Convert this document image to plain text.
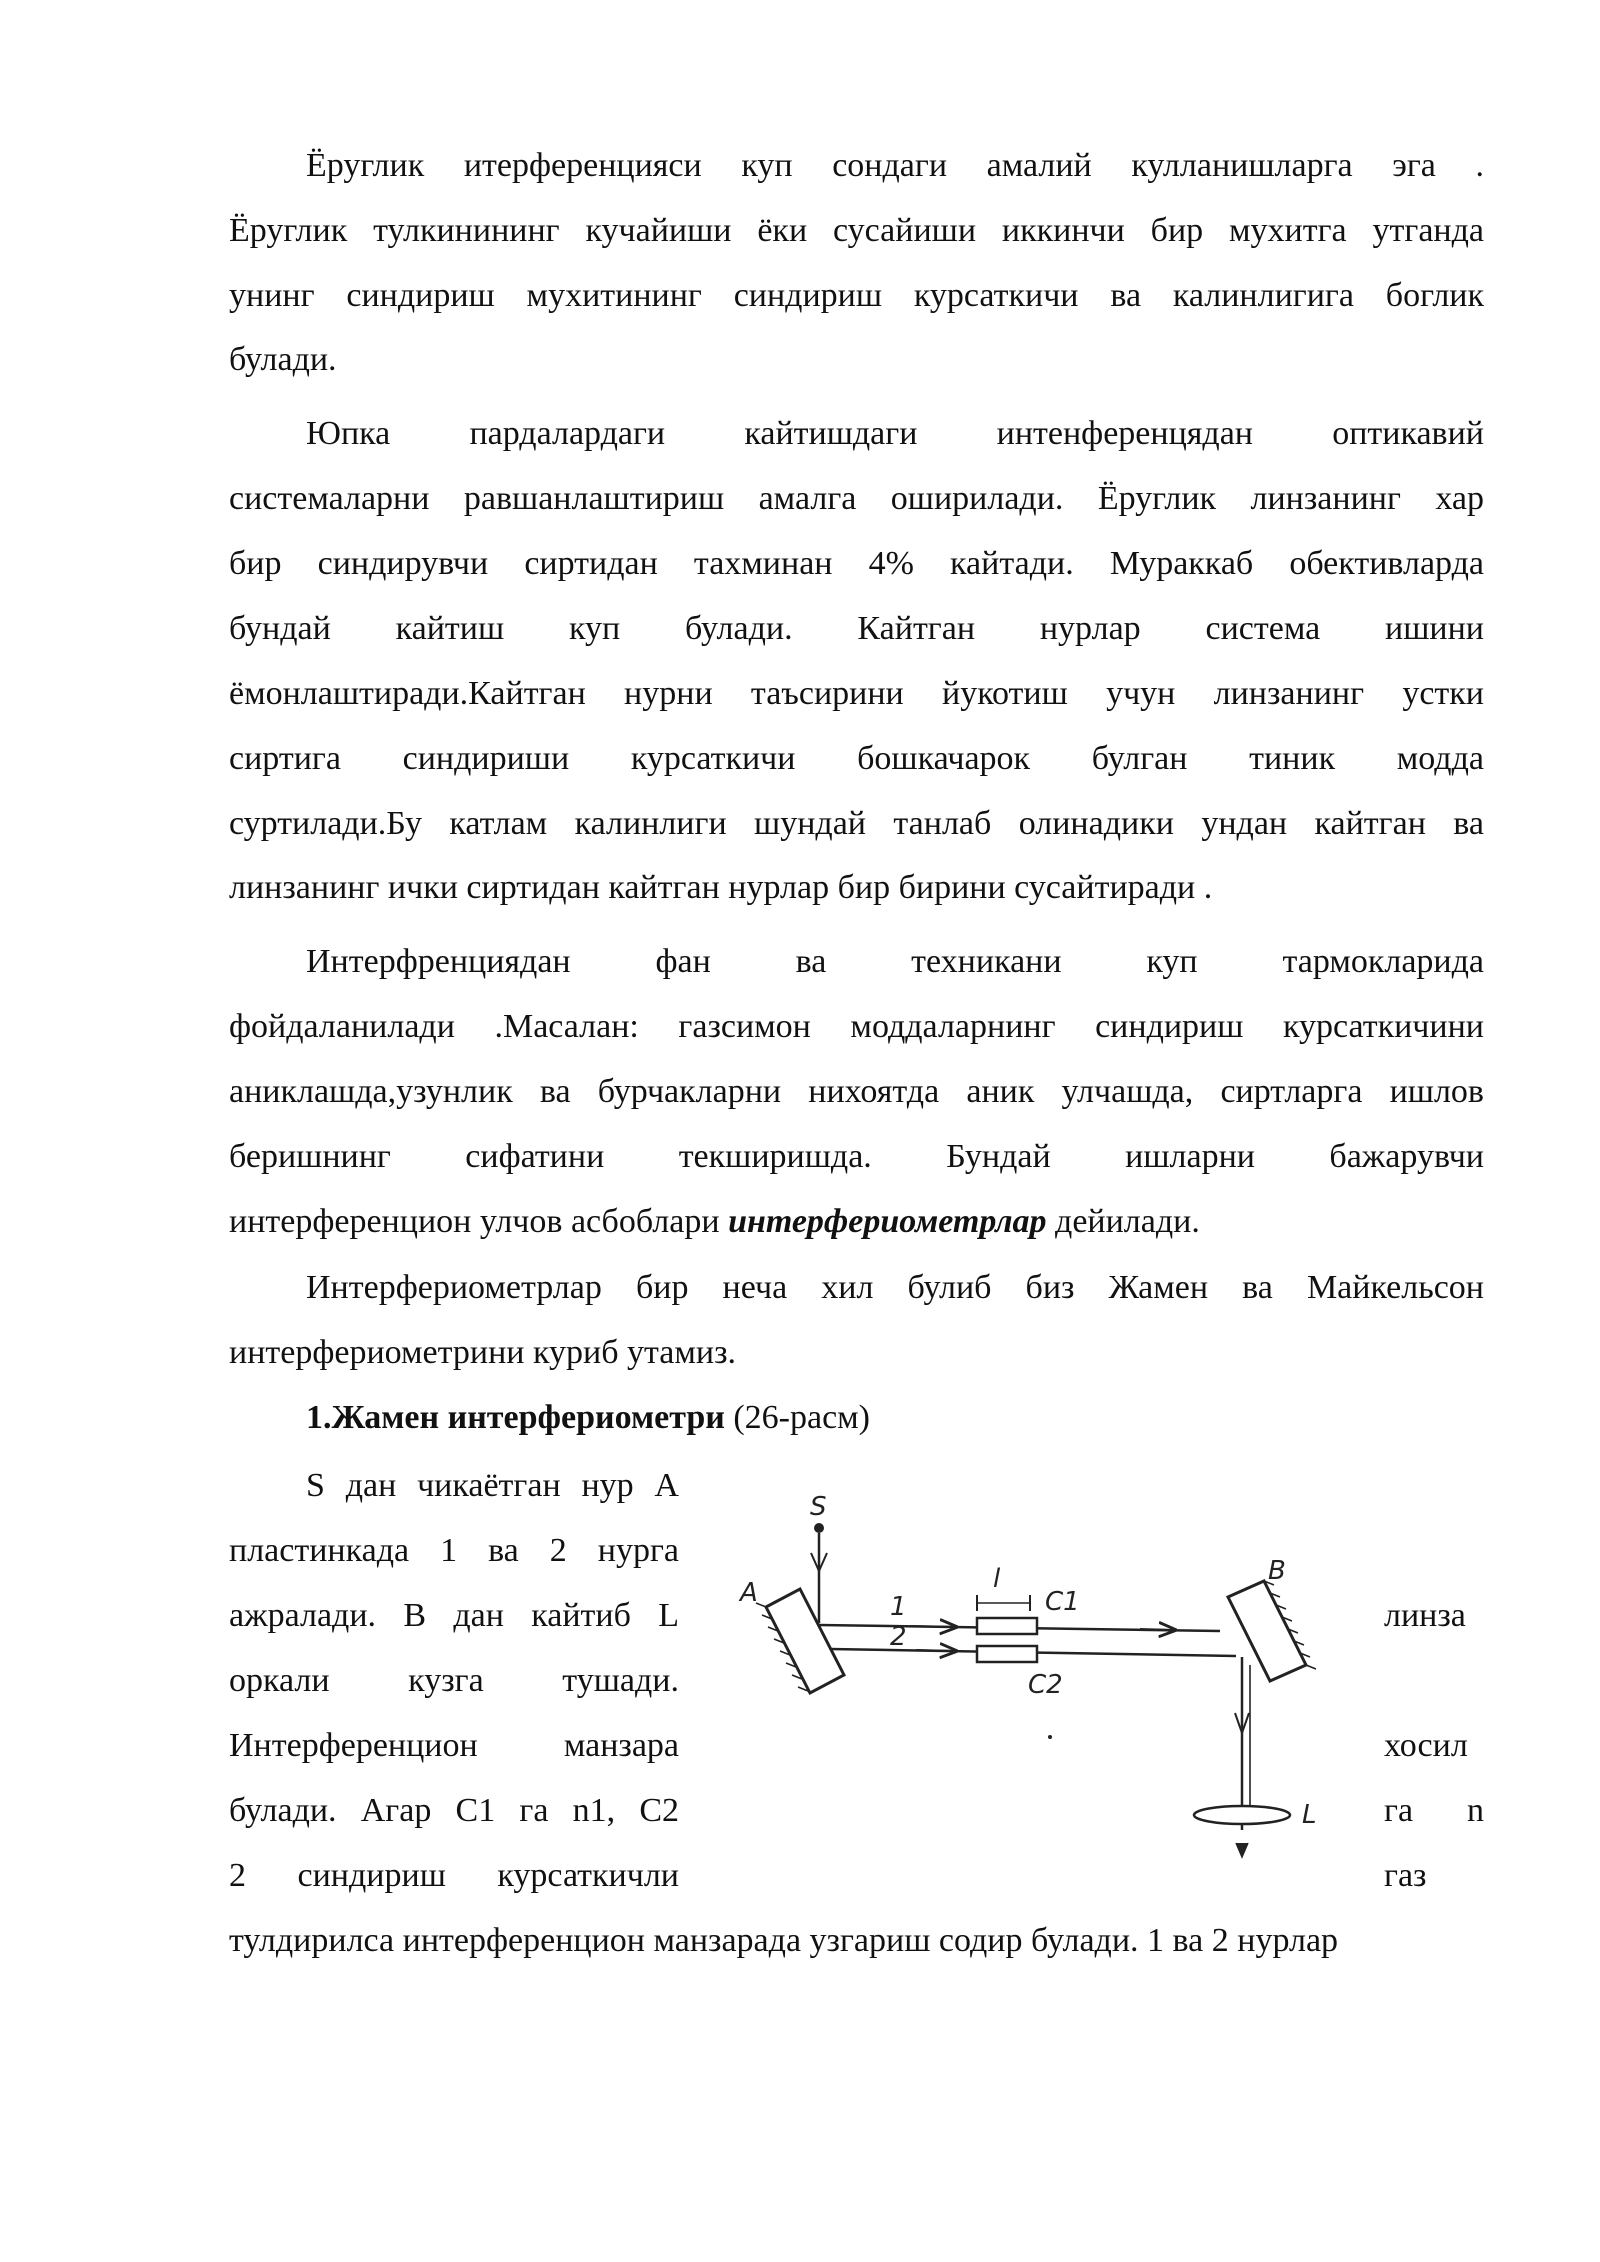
Ёруглик итерференцияси куп сондаги амалий кулланишларга эга .
Ёруглик тулкинининг кучайиши ёки сусайиши иккинчи бир мухитга утганда
унинг синдириш мухитининг синдириш курсаткичи ва калинлигига боглик
булади.
Юпка пардалардаги кайтишдаги интенференцядан оптикавий
системаларни равшанлаштириш амалга оширилади. Ёруглик линзанинг хар
бир синдирувчи сиртидан тахминан 4% кайтади. Мураккаб обективларда
бундай кайтиш куп булади. Кайтган нурлар система ишини
ёмонлаштиради.Кайтган нурни таъсирини йукотиш учун линзанинг устки
сиртига синдириши курсаткичи бошкачарок булган тиник модда
суртилади.Бу катлам калинлиги шундай танлаб олинадики ундан кайтган ва
линзанинг ички сиртидан кайтган нурлар бир бирини сусайтиради .
Интерфренциядан фан ва техникани куп тармокларида
фойдаланилади .Масалан: газсимон моддаларнинг синдириш курсаткичини
аниклашда,узунлик ва бурчакларни нихоятда аник улчашда, сиртларга ишлов
беришнинг сифатини текширишда. Бундай ишларни бажарувчи
интерференцион улчов асбоблари интерфериометрлар дейилади.
Интерфериометрлар бир неча хил булиб биз Жамен ва Майкельсон
интерфериометрини куриб утамиз.
1.Жамен интерфериометри (26-расм)
S дан чикаётган нур A
пластинкада 1 ва 2 нурга
ажралади. B дан кайтиб L
оркали кузга тушади.
Интерференцион манзара
булади. Агар C1 га n1, C2
2 синдириш курсаткичли
линза
хосил
га n
газ
тулдирилса интерференцион манзарада узгариш содир булади. 1 ва 2 нурлар
S
A	1
2
l
C1
C2
B
L
